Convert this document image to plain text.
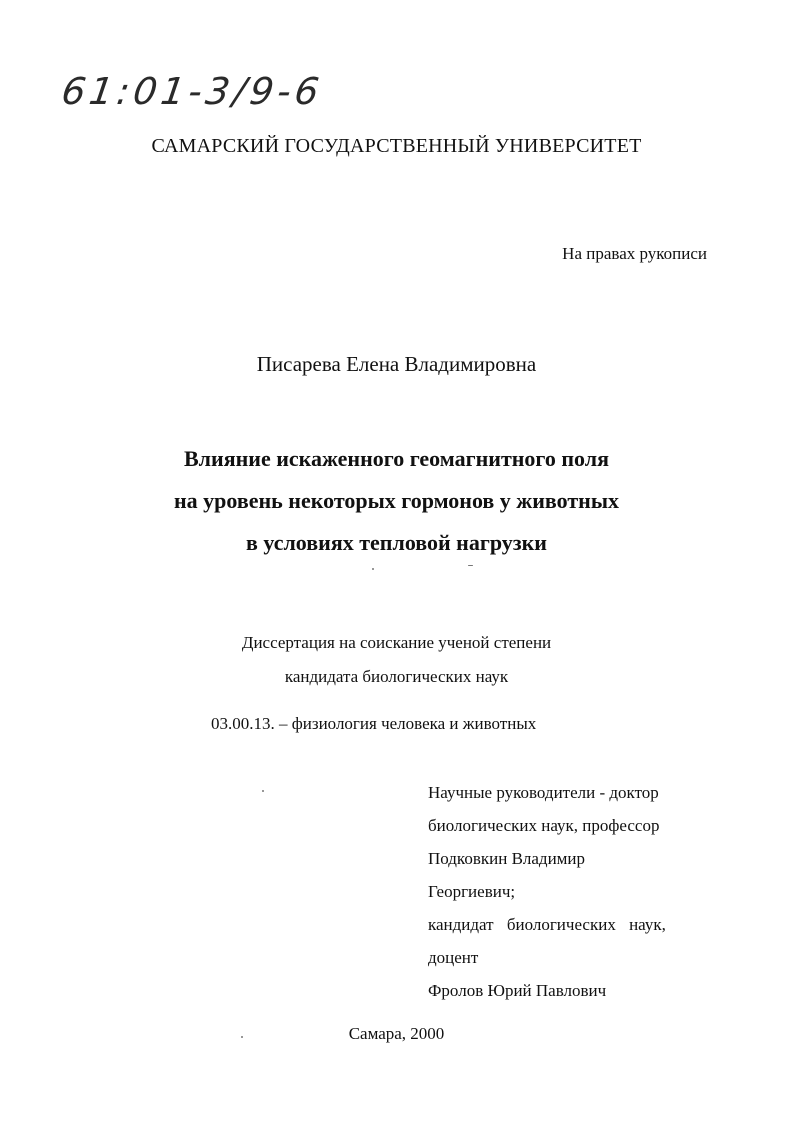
61:01-3/9-6
САМАРСКИЙ ГОСУДАРСТВЕННЫЙ УНИВЕРСИТЕТ
На правах рукописи
Писарева Елена Владимировна
Влияние искаженного геомагнитного поля
на уровень некоторых гормонов у животных
в условиях тепловой нагрузки
Диссертация на соискание ученой степени
кандидата биологических наук
03.00.13. – физиология человека и животных
Научные руководители - доктор
биологических наук, профессор
Подковкин Владимир
Георгиевич;
кандидат биологических наук,
доцент
Фролов Юрий Павлович
Самара, 2000
